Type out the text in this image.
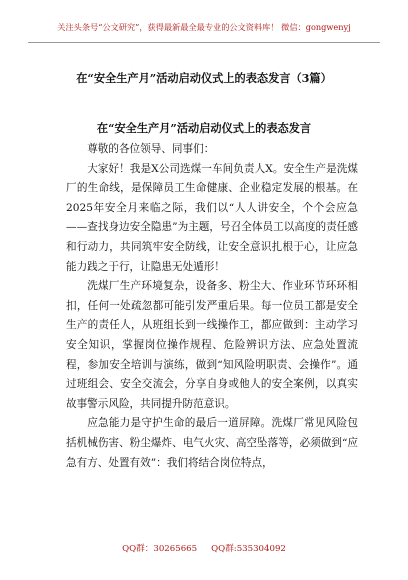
关注头条号“公文研究”，获得最新最全最专业的公文资料库！ 微信：gongwenyj
在“安全生产月”活动启动仪式上的表态发言（3篇）
在“安全生产月”活动启动仪式上的表态发言

尊敬的各位领导、同事们：

大家好！我是X公司选煤一车间负责人X。安全生产是洗煤厂的生命线，是保障员工生命健康、企业稳定发展的根基。在2025年安全月来临之际，我们以“人人讲安全，个个会应急——查找身边安全隐患”为主题，号召全体员工以高度的责任感和行动力，共同筑牢安全防线，让安全意识扎根于心，让应急能力践之于行，让隐患无处遁形！

洗煤厂生产环境复杂，设备多、粉尘大、作业环节环环相扣，任何一处疏忽都可能引发严重后果。每一位员工都是安全生产的责任人，从班组长到一线操作工，都应做到：主动学习安全知识，掌握岗位操作规程、危险辨识方法、应急处置流程，参加安全培训与演练，做到“知风险明职责、会操作”。通过班组会、安全交流会，分享自身或他人的安全案例，以真实故事警示风险，共同提升防范意识。

应急能力是守护生命的最后一道屏障。洗煤厂常见风险包括机械伤害、粉尘爆炸、电气火灾、高空坠落等，必须做到“应急有方、处置有效”：我们将结合岗位特点，

QQ群：30265665 QQ群:535304092
